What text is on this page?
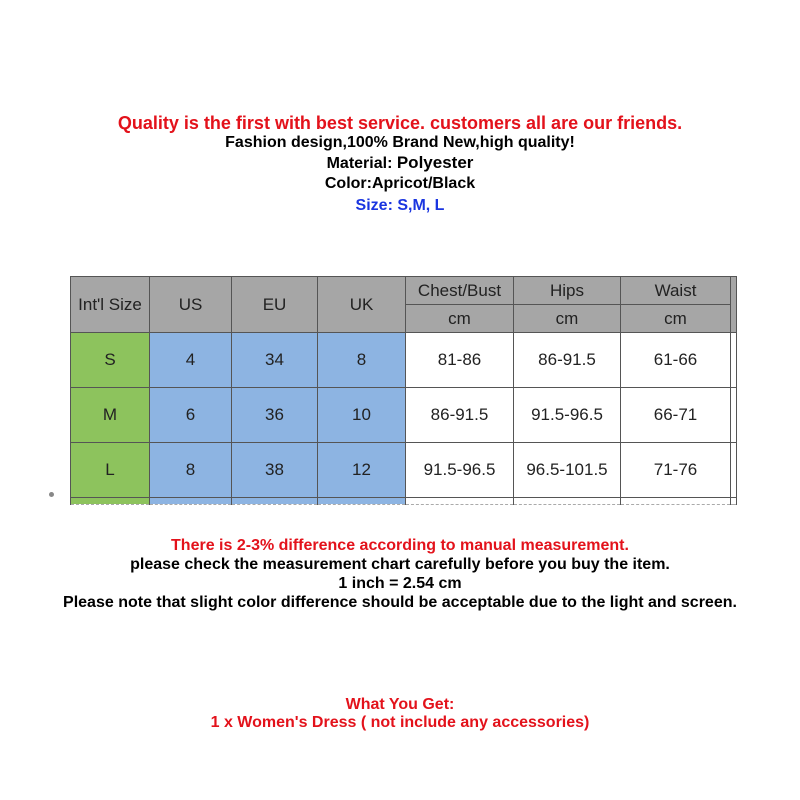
Quality is the first with best service. customers all are our friends.
Fashion design,100% Brand New,high quality!
Material: Polyester
Color:Apricot/Black
Size: S,M, L
Int'l Size	US	EU	UK	Chest/Bust	Hips	Waist	
				cm	cm	cm	
S	4	34	8	81-86	86-91.5	61-66	
M	6	36	10	86-91.5	91.5-96.5	66-71	
L	8	38	12	91.5-96.5	96.5-101.5	71-76	

There is 2-3% difference according to manual measurement.
please check the measurement chart carefully before you buy the item.
1 inch = 2.54 cm
Please note that slight color difference should be acceptable due to the light and screen.
What You Get:
1 x Women's Dress ( not include any accessories)
